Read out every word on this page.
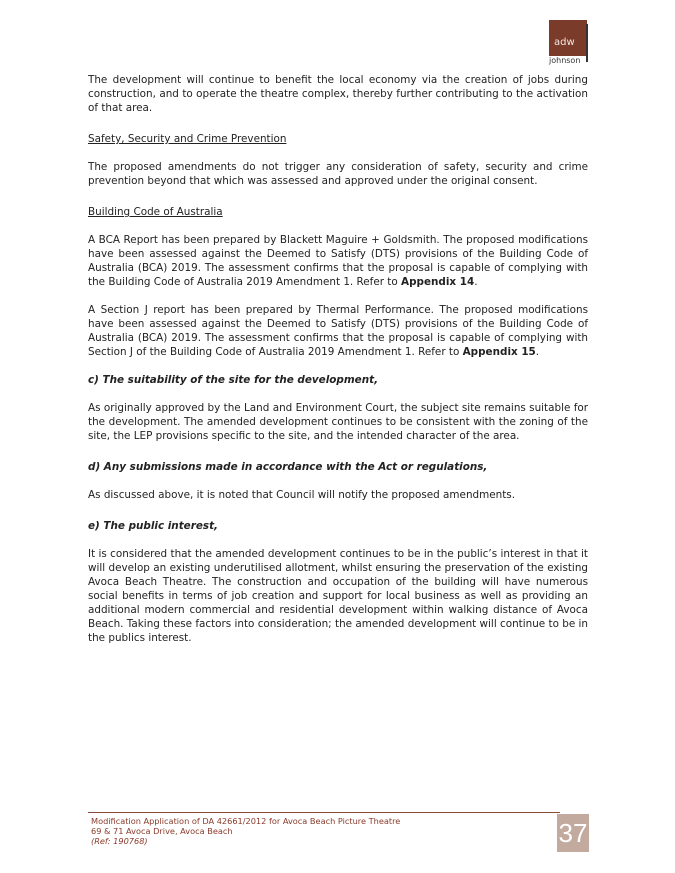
adw
johnson

The development will continue to benefit the local economy via the creation of jobs during construction, and to operate the theatre complex, thereby further contributing to the activation of that area.

Safety, Security and Crime Prevention

The proposed amendments do not trigger any consideration of safety, security and crime prevention beyond that which was assessed and approved under the original consent.

Building Code of Australia

A BCA Report has been prepared by Blackett Maguire + Goldsmith. The proposed modifications have been assessed against the Deemed to Satisfy (DTS) provisions of the Building Code of Australia (BCA) 2019. The assessment confirms that the proposal is capable of complying with the Building Code of Australia 2019 Amendment 1. Refer to Appendix 14.

A Section J report has been prepared by Thermal Performance. The proposed modifications have been assessed against the Deemed to Satisfy (DTS) provisions of the Building Code of Australia (BCA) 2019. The assessment confirms that the proposal is capable of complying with Section J of the Building Code of Australia 2019 Amendment 1. Refer to Appendix 15.

c) The suitability of the site for the development,

As originally approved by the Land and Environment Court, the subject site remains suitable for the development. The amended development continues to be consistent with the zoning of the site, the LEP provisions specific to the site, and the intended character of the area.

d) Any submissions made in accordance with the Act or regulations,

As discussed above, it is noted that Council will notify the proposed amendments.

e) The public interest,

It is considered that the amended development continues to be in the public’s interest in that it will develop an existing underutilised allotment, whilst ensuring the preservation of the existing Avoca Beach Theatre. The construction and occupation of the building will have numerous social benefits in terms of job creation and support for local business as well as providing an additional modern commercial and residential development within walking distance of Avoca Beach. Taking these factors into consideration; the amended development will continue to be in the publics interest.

Modification Application of DA 42661/2012 for Avoca Beach Picture Theatre
69 & 71 Avoca Drive, Avoca Beach
(Ref: 190768)	37
